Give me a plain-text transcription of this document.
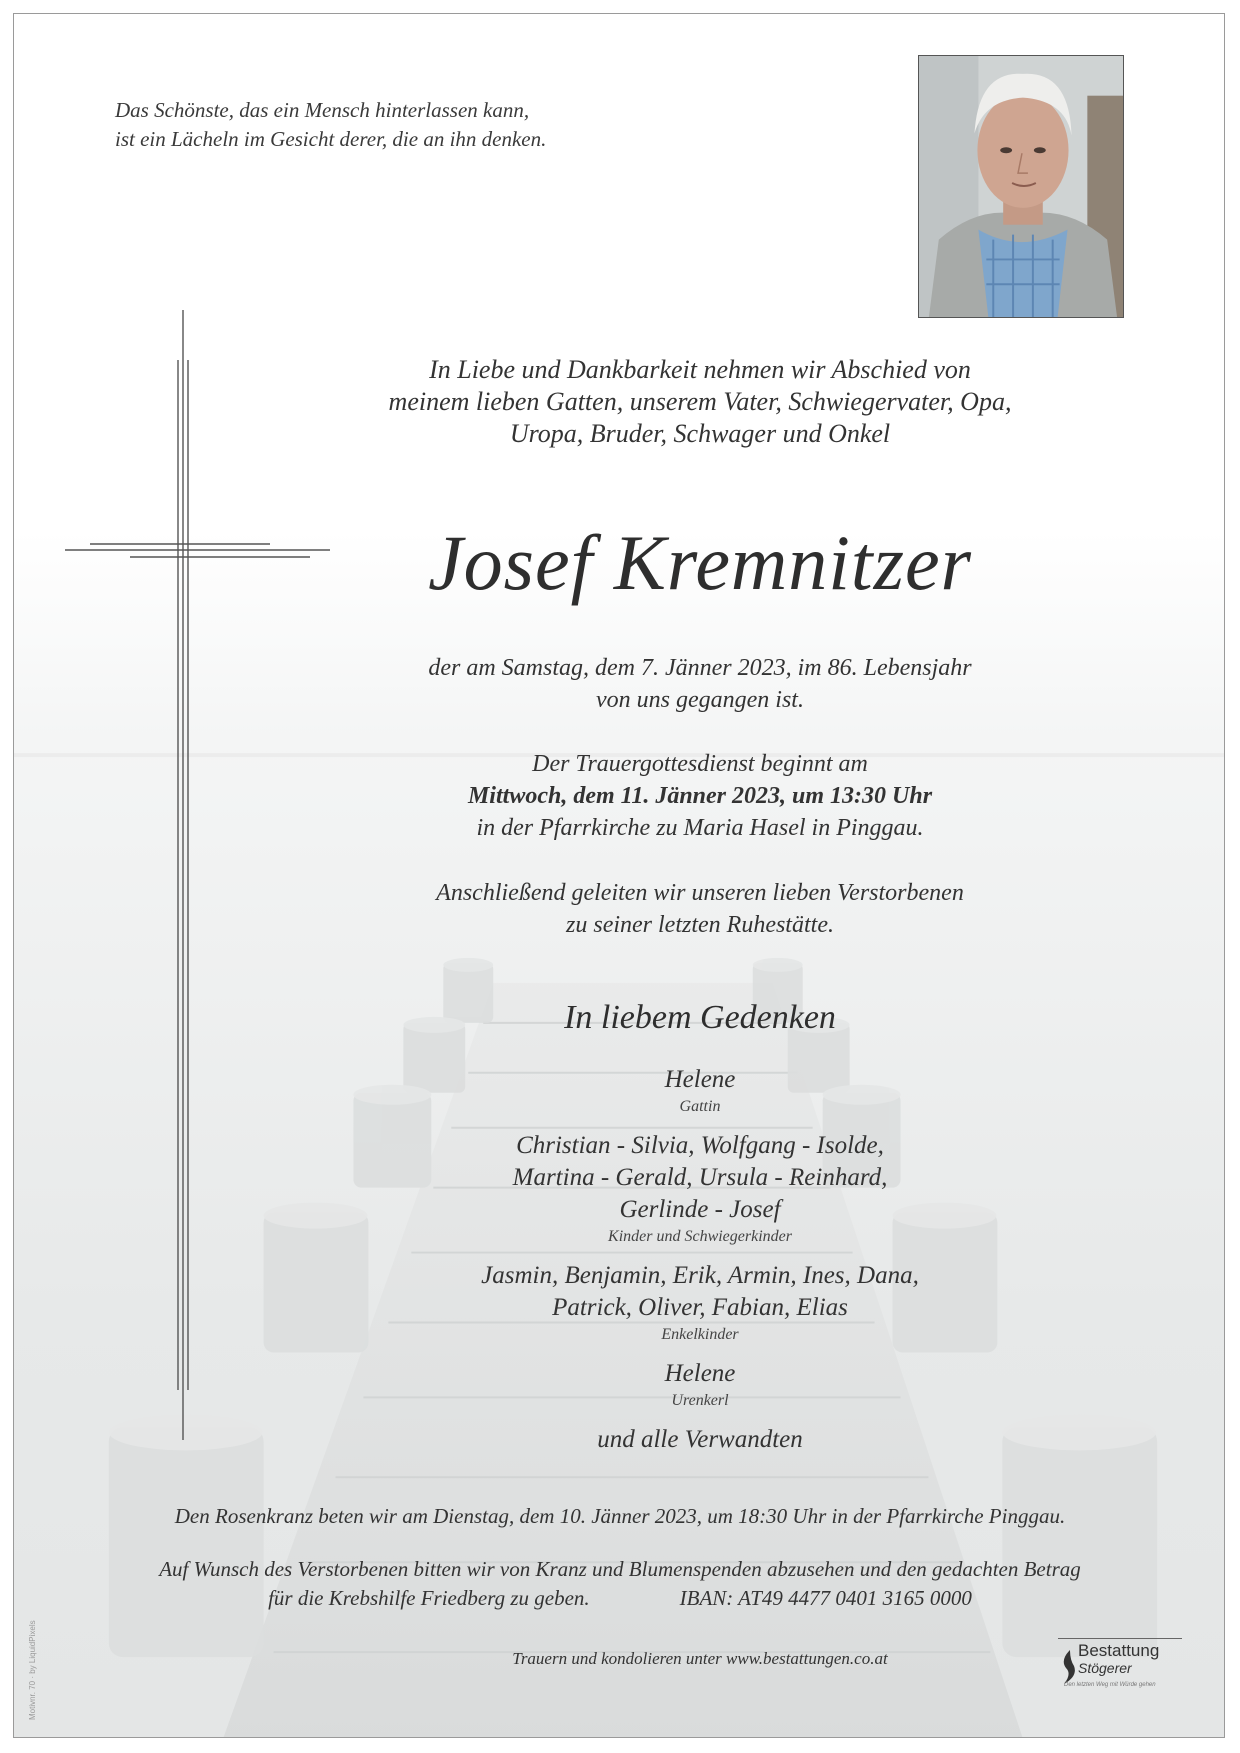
Das Schönste, das ein Mensch hinterlassen kann,
ist ein Lächeln im Gesicht derer, die an ihn denken.
In Liebe und Dankbarkeit nehmen wir Abschied von
meinem lieben Gatten, unserem Vater, Schwiegervater, Opa,
Uropa, Bruder, Schwager und Onkel
Josef Kremnitzer
der am Samstag, dem 7. Jänner 2023, im 86. Lebensjahr
von uns gegangen ist.
Der Trauergottesdienst beginnt am
Mittwoch, dem 11. Jänner 2023, um 13:30 Uhr
in der Pfarrkirche zu Maria Hasel in Pinggau.
Anschließend geleiten wir unseren lieben Verstorbenen
zu seiner letzten Ruhestätte.
In liebem Gedenken
Helene
Gattin
Christian - Silvia, Wolfgang - Isolde,
Martina - Gerald, Ursula - Reinhard,
Gerlinde - Josef
Kinder und Schwiegerkinder
Jasmin, Benjamin, Erik, Armin, Ines, Dana,
Patrick, Oliver, Fabian, Elias
Enkelkinder
Helene
Urenkerl
und alle Verwandten
Den Rosenkranz beten wir am Dienstag, dem 10. Jänner 2023, um 18:30 Uhr in der Pfarrkirche Pinggau.
Auf Wunsch des Verstorbenen bitten wir von Kranz und Blumenspenden abzusehen und den gedachten Betrag
für die Krebshilfe Friedberg zu geben.	IBAN: AT49 4477 0401 3165 0000
Trauern und kondolieren unter www.bestattungen.co.at	Bestattung
Stögerer
Den letzten Weg mit Würde gehen
Motivnr. 70 · by LiquidPixels
